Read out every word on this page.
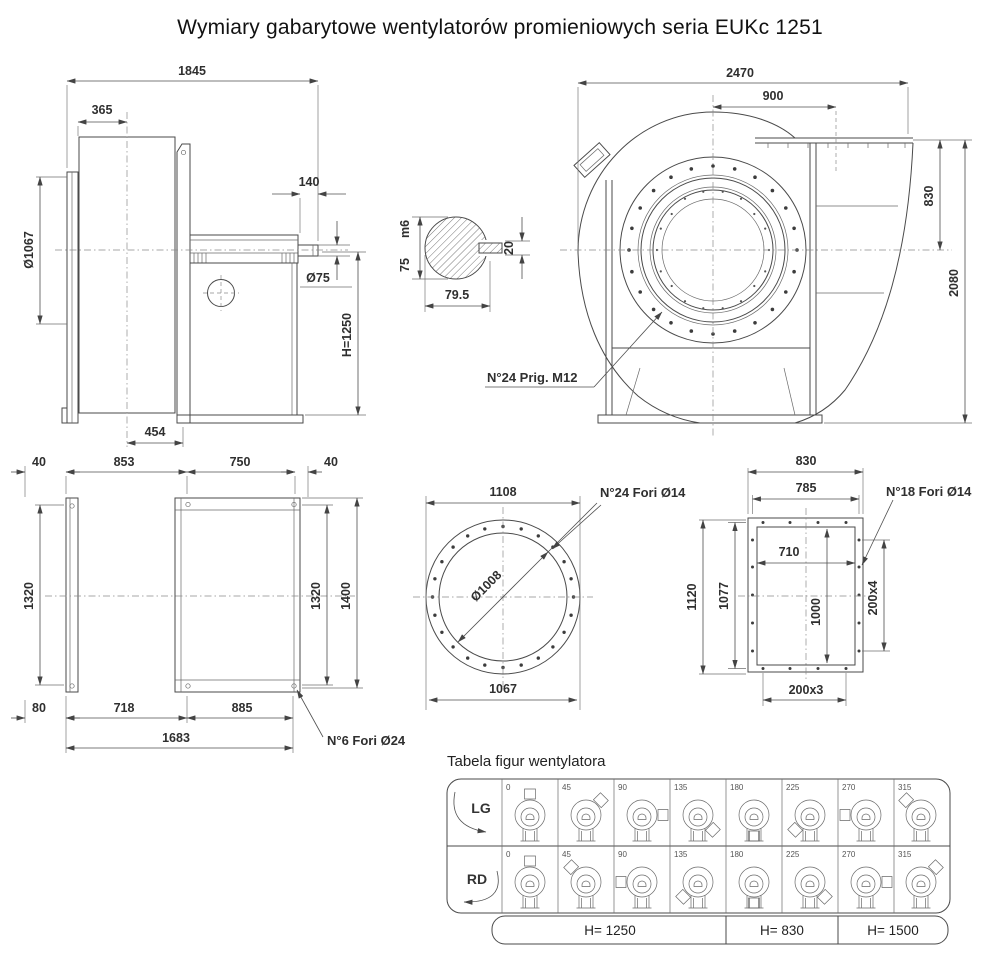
Wymiary gabarytowe wentylatorów promieniowych seria EUKc 1251
1845
365
140
Ø1067
Ø75
H=1250
454
75
m6
20
79.5
2470
900
830
2080
N°24 Prig. M12
40	853	750	40
1320	1320 1400
80	718	885
1683	N°6 Fori Ø24
1108
Ø1008
1067
1120
N°24 Fori Ø14
830
785
710
1077
1000	200x4
200x3
N°18 Fori Ø14
Tabela figur wentylatora
LG
0	45	90	135	180	225	270	315
RD
0	45	90	135	180	225	270	315
H= 1250	H= 830	H= 1500
